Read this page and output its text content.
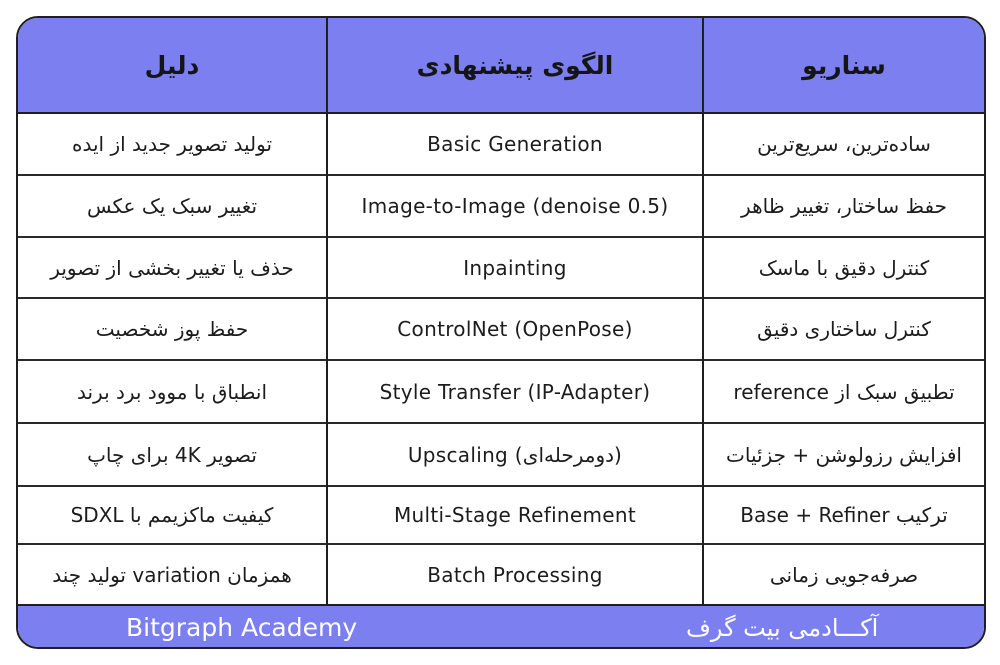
دلیل	الگوی پیشنهادی	سناریو
تولید تصویر جدید از ایده	Basic Generation	ساده‌ترین، سریع‌ترین
تغییر سبک یک عکس	Image-to-Image (denoise 0.5)	حفظ ساختار، تغییر ظاهر
حذف یا تغییر بخشی از تصویر	Inpainting	کنترل دقیق با ماسک
حفظ پوز شخصیت	ControlNet (OpenPose)	کنترل ساختاری دقیق
انطباق با موود برد برند	Style Transfer (IP-Adapter)	تطبیق سبک از reference
تصویر 4K برای چاپ	Upscaling (دومرحله‌ای)	افزایش رزولوشن + جزئیات
کیفیت ماکزیمم با SDXL	Multi-Stage Refinement	ترکیب Base + Refiner
همزمان variation تولید چند	Batch Processing	صرفه‌جویی زمانی
Bitgraph Academy	آکـــادمی بیت گرف
